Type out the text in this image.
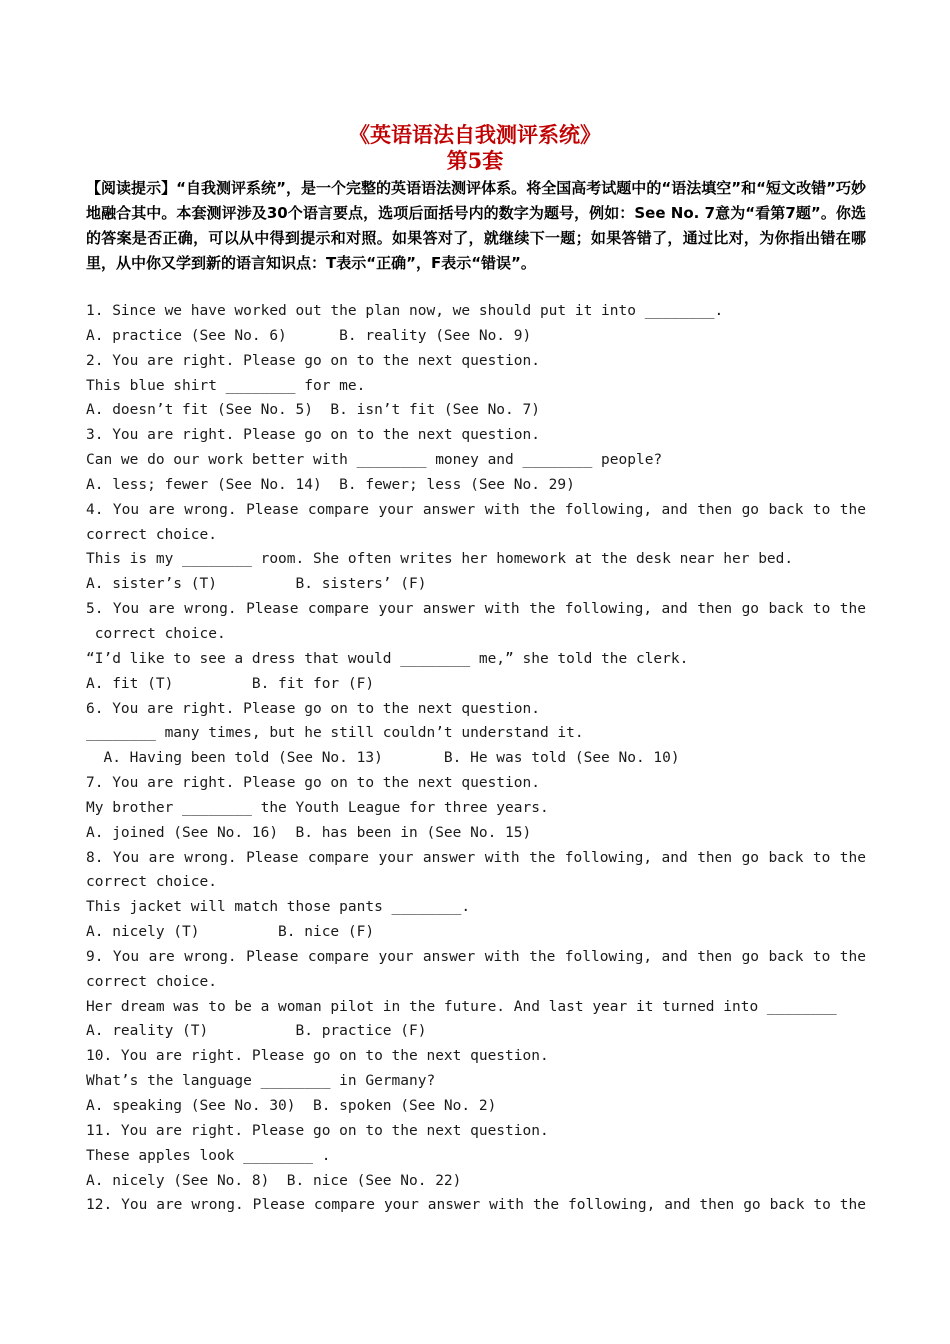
《英语语法自我测评系统》
第5套
【阅读提示】“自我测评系统”，是一个完整的英语语法测评体系。将全国高考试题中的“语法填空”和“短文改错”巧妙地融合其中。本套测评涉及30个语言要点，选项后面括号内的数字为题号，例如：See No. 7意为“看第7题”。你选的答案是否正确，可以从中得到提示和对照。如果答对了，就继续下一题；如果答错了，通过比对，为你指出错在哪里，从中你又学到新的语言知识点：T表示“正确”，F表示“错误”。
1. Since we have worked out the plan now, we should put it into ________.
A. practice (See No. 6)      B. reality (See No. 9)
2. You are right. Please go on to the next question.
This blue shirt ________ for me.
A. doesn’t fit (See No. 5)  B. isn’t fit (See No. 7)
3. You are right. Please go on to the next question.
Can we do our work better with ________ money and ________ people?
A. less; fewer (See No. 14)  B. fewer; less (See No. 29)
4. You are wrong. Please compare your answer with the following, and then go back to the
correct choice.
This is my ________ room. She often writes her homework at the desk near her bed.
A. sister’s (T)         B. sisters’ (F)
5. You are wrong. Please compare your answer with the following, and then go back to the
correct choice.
“I’d like to see a dress that would ________ me,” she told the clerk.
A. fit (T)         B. fit for (F)
6. You are right. Please go on to the next question.
________ many times, but he still couldn’t understand it.
A. Having been told (See No. 13)       B. He was told (See No. 10)
7. You are right. Please go on to the next question.
My brother ________ the Youth League for three years.
A. joined (See No. 16)  B. has been in (See No. 15)
8. You are wrong. Please compare your answer with the following, and then go back to the
correct choice.
This jacket will match those pants ________.
A. nicely (T)         B. nice (F)
9. You are wrong. Please compare your answer with the following, and then go back to the
correct choice.
Her dream was to be a woman pilot in the future. And last year it turned into ________
A. reality (T)          B. practice (F)
10. You are right. Please go on to the next question.
What’s the language ________ in Germany?
A. speaking (See No. 30)  B. spoken (See No. 2)
11. You are right. Please go on to the next question.
These apples look ________ .
A. nicely (See No. 8)  B. nice (See No. 22)
12. You are wrong. Please compare your answer with the following, and then go back to the
